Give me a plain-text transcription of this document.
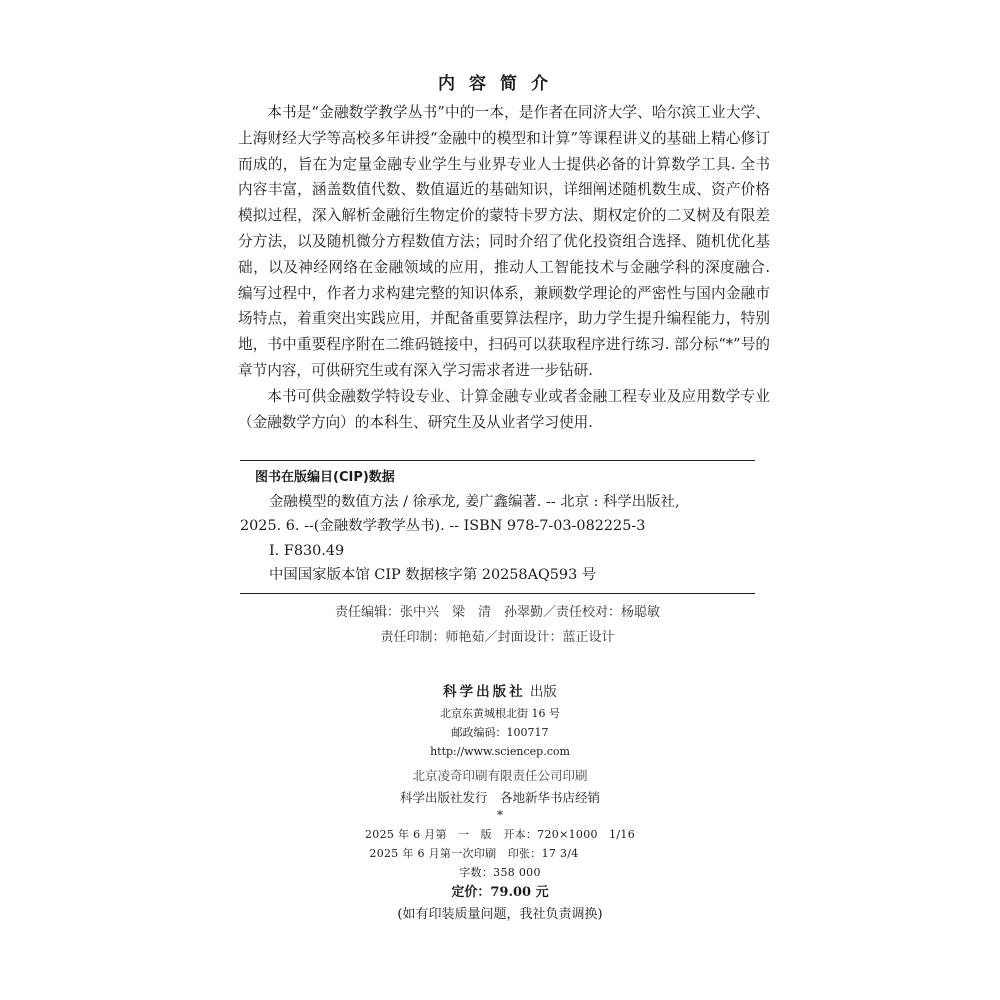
内容简介

本书是“金融数学教学丛书”中的一本，是作者在同济大学、哈尔滨工业大学、上海财经大学等高校多年讲授“金融中的模型和计算”等课程讲义的基础上精心修订而成的，旨在为定量金融专业学生与业界专业人士提供必备的计算数学工具. 全书内容丰富，涵盖数值代数、数值逼近的基础知识，详细阐述随机数生成、资产价格模拟过程，深入解析金融衍生物定价的蒙特卡罗方法、期权定价的二叉树及有限差分方法，以及随机微分方程数值方法；同时介绍了优化投资组合选择、随机优化基础，以及神经网络在金融领域的应用，推动人工智能技术与金融学科的深度融合. 编写过程中，作者力求构建完整的知识体系，兼顾数学理论的严密性与国内金融市场特点，着重突出实践应用，并配备重要算法程序，助力学生提升编程能力，特别地，书中重要程序附在二维码链接中，扫码可以获取程序进行练习. 部分标“*”号的章节内容，可供研究生或有深入学习需求者进一步钻研.

本书可供金融数学特设专业、计算金融专业或者金融工程专业及应用数学专业（金融数学方向）的本科生、研究生及从业者学习使用.

图书在版编目(CIP)数据
金融模型的数值方法 / 徐承龙, 姜广鑫编著. -- 北京 : 科学出版社,
2025. 6. --(金融数学教学丛书). -- ISBN 978-7-03-082225-3
Ⅰ. F830.49
中国国家版本馆 CIP 数据核字第 20258AQ593 号
责任编辑：张中兴　梁　清　孙翠勤／责任校对：杨聪敏
责任印制：师艳茹／封面设计：蓝正设计
科学出版社 出版
北京东黄城根北街 16 号
邮政编码：100717
http://www.sciencep.com
北京凌奇印刷有限责任公司印刷
科学出版社发行　各地新华书店经销
*
2025 年 6 月第　一　版　开本：720×1000　1/16
2025 年 6 月第一次印刷　印张：17 3/4
字数：358 000
定价：79.00 元
(如有印装质量问题，我社负责调换)
